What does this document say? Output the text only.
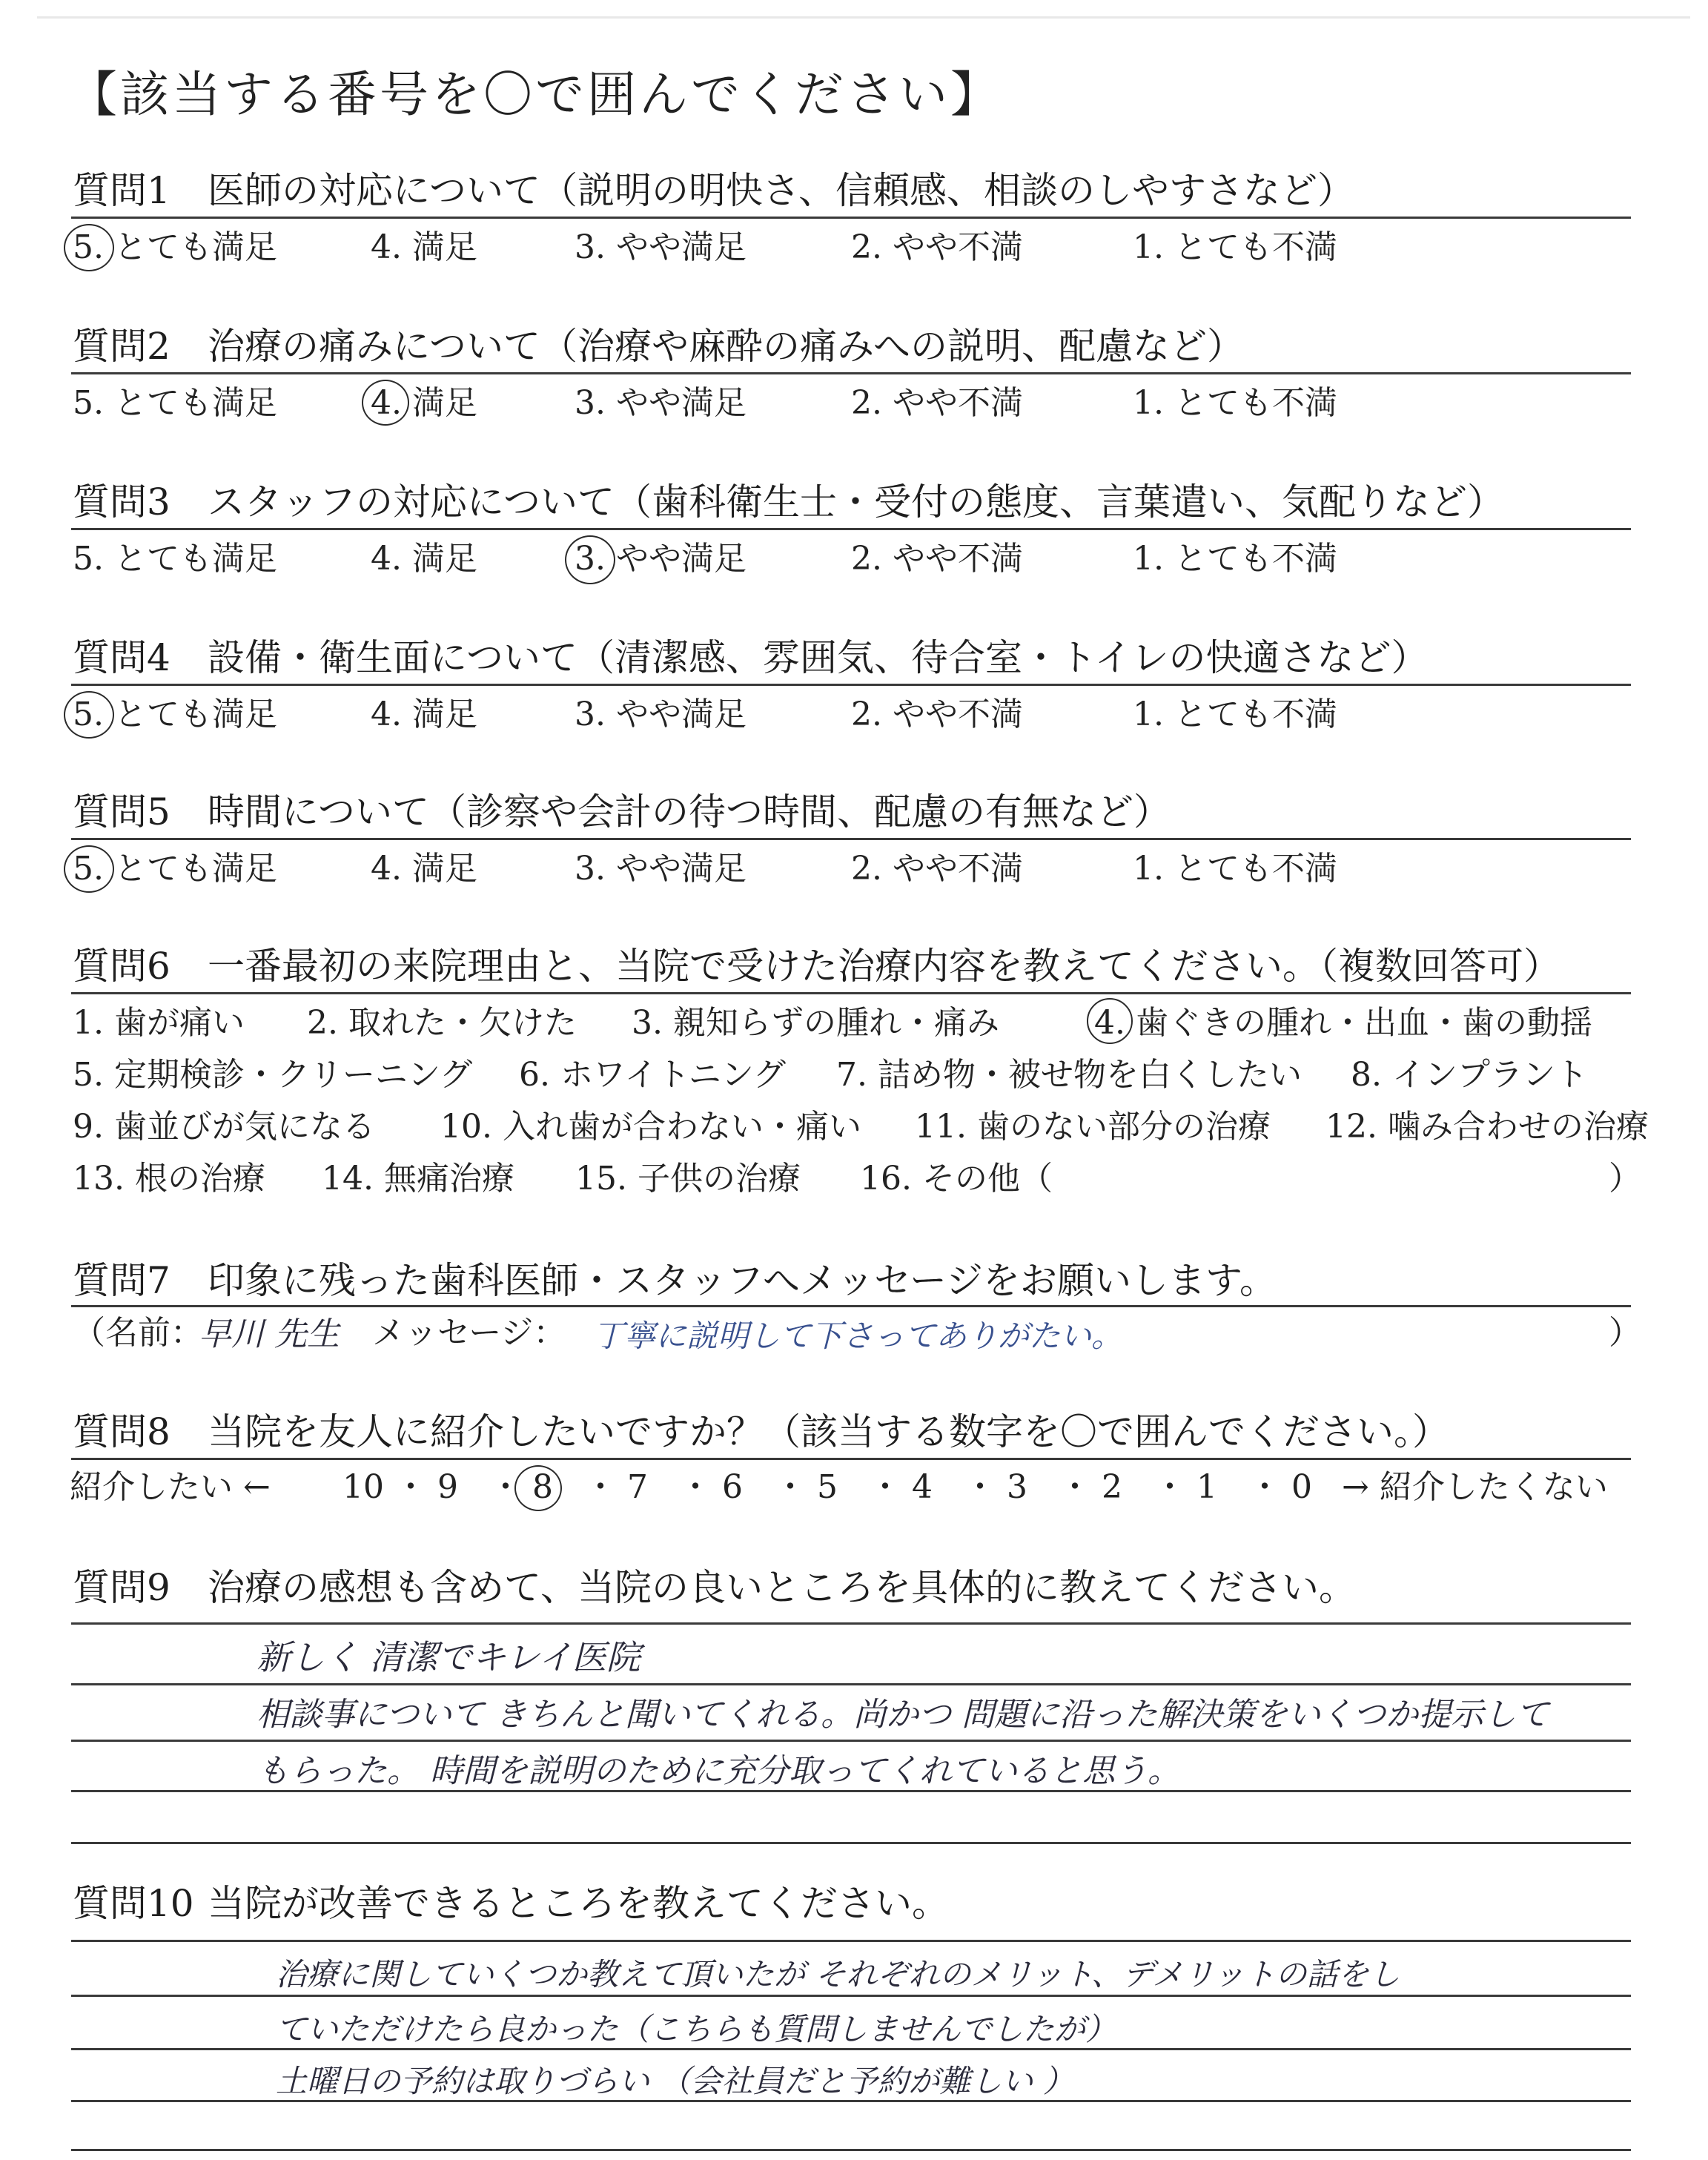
【該当する番号を〇で囲んでください】
質問1 医師の対応について（説明の明快さ、信頼感、相談のしやすさなど）
5. とても満足	4. 満足	3. やや満足	2. やや不満	1. とても不満
質問2 治療の痛みについて（治療や麻酔の痛みへの説明、配慮など）
5. とても満足	4. 満足	3. やや満足	2. やや不満	1. とても不満
質問3 スタッフの対応について（歯科衛生士・受付の態度、言葉遣い、気配りなど）
5. とても満足	4. 満足	3. やや満足	2. やや不満	1. とても不満
質問4 設備・衛生面について（清潔感、雰囲気、待合室・トイレの快適さなど）
5. とても満足	4. 満足	3. やや満足	2. やや不満	1. とても不満
質問5 時間について（診察や会計の待つ時間、配慮の有無など）
5. とても満足	4. 満足	3. やや満足	2. やや不満	1. とても不満
質問6 一番最初の来院理由と、当院で受けた治療内容を教えてください。（複数回答可）
1. 歯が痛い 2. 取れた・欠けた 3. 親知らずの腫れ・痛み	4. 歯ぐきの腫れ・出血・歯の動揺
5. 定期検診・クリーニング 6. ホワイトニング 7. 詰め物・被せ物を白くしたい 8. インプラント
9. 歯並びが気になる 10. 入れ歯が合わない・痛い 11. 歯のない部分の治療 12. 噛み合わせの治療
13. 根の治療 14. 無痛治療 15. 子供の治療 16. その他（	）
質問7 印象に残った歯科医師・スタッフへメッセージをお願いします。
（名前：
早川 先生 メッセージ： 丁寧に説明して下さってありがたい。	）
質問8 当院を友人に紹介したいですか？（該当する数字を〇で囲んでください。）
紹介したい ← 10 ・ 9 ・ 8 ・ 7 ・ 6 ・ 5 ・ 4 ・ 3 ・ 2 ・ 1 ・ 0 → 紹介したくない
質問9 治療の感想も含めて、当院の良いところを具体的に教えてください。
新しく 清潔でキレイ医院
相談事について きちんと聞いてくれる。尚かつ 問題に沿った解決策をいくつか提示して
もらった。 時間を説明のために充分取ってくれていると思う。
質問10 当院が改善できるところを教えてください。
治療に関していくつか教えて頂いたが それぞれのメリット、デメリットの話をし
ていただけたら良かった（こちらも質問しませんでしたが）
土曜日の予約は取りづらい （会社員だと予約が難しい ）
